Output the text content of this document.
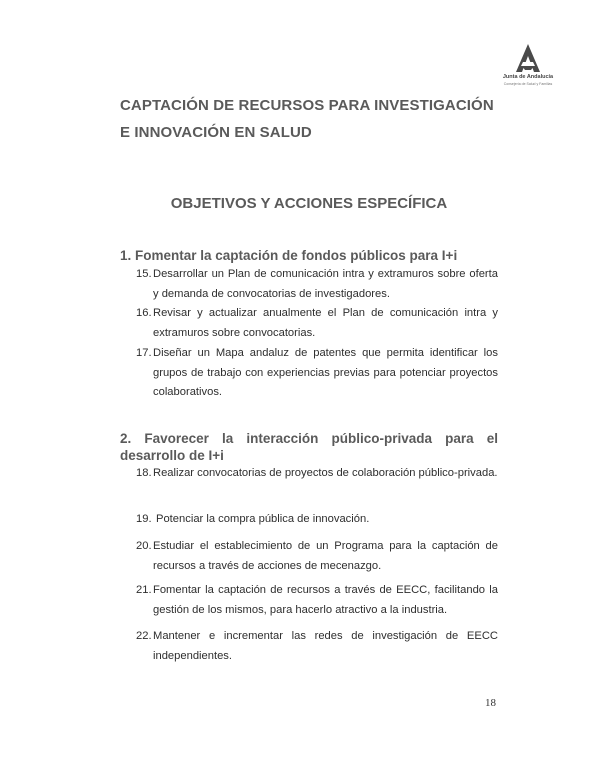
Junta de Andalucía
Consejería de Salud y Familias
CAPTACIÓN DE RECURSOS PARA INVESTIGACIÓN
E INNOVACIÓN EN SALUD
OBJETIVOS Y ACCIONES ESPECÍFICA
1. Fomentar la captación de fondos públicos para I+i
15. Desarrollar un Plan de comunicación intra y extramuros sobre oferta y demanda de convocatorias de investigadores.
16. Revisar y actualizar anualmente el Plan de comunicación intra y extramuros sobre convocatorias.
17. Diseñar un Mapa andaluz de patentes que permita identificar los grupos de trabajo con experiencias previas para potenciar proyectos colaborativos.
2. Favorecer la interacción público-privada para el
desarrollo de I+i
18. Realizar convocatorias de proyectos de colaboración público-privada.
19. Potenciar la compra pública de innovación.
20. Estudiar el establecimiento de un Programa para la captación de recursos a través de acciones de mecenazgo.
21. Fomentar la captación de recursos a través de EECC, facilitando la gestión de los mismos, para hacerlo atractivo a la industria.
22. Mantener e incrementar las redes de investigación de EECC independientes.
18
